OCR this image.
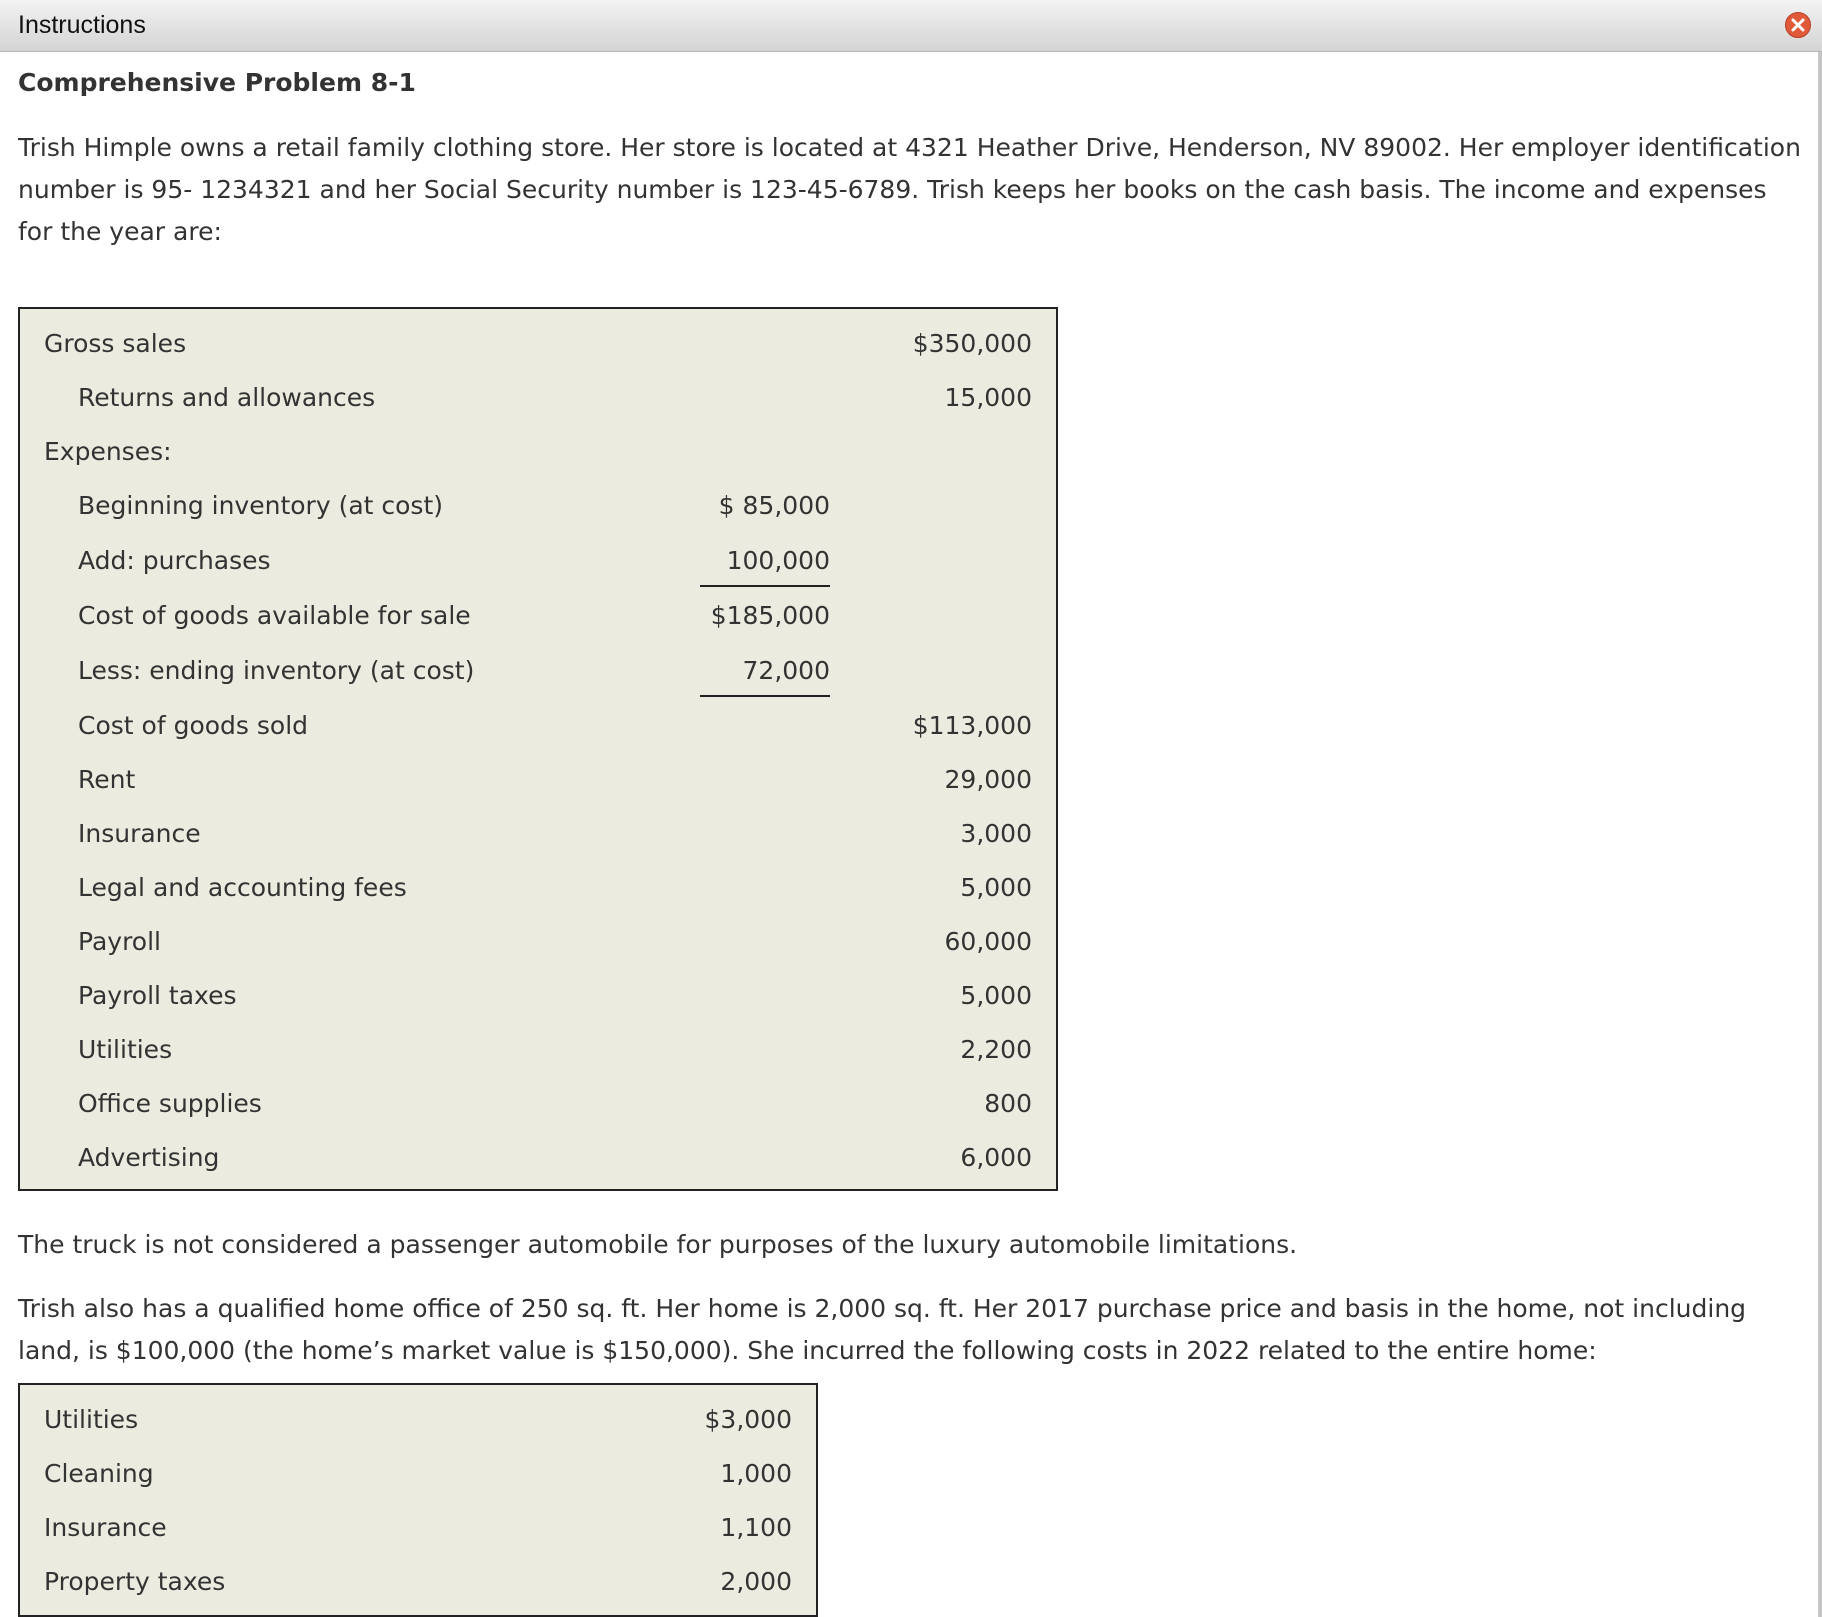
Instructions
Comprehensive Problem 8-1

Trish Himple owns a retail family clothing store. Her store is located at 4321 Heather Drive, Henderson, NV 89002. Her employer identification number is 95- 1234321 and her Social Security number is 123-45-6789. Trish keeps her books on the cash basis. The income and expenses for the year are:

Gross sales	$350,000
Returns and allowances	15,000
Expenses:
Beginning inventory (at cost)	$ 85,000
Add: purchases	100,000
Cost of goods available for sale	$185,000
Less: ending inventory (at cost)	72,000
Cost of goods sold	$113,000
Rent	29,000
Insurance	3,000
Legal and accounting fees	5,000
Payroll	60,000
Payroll taxes	5,000
Utilities	2,200
Office supplies	800
Advertising	6,000

The truck is not considered a passenger automobile for purposes of the luxury automobile limitations.

Trish also has a qualified home office of 250 sq. ft. Her home is 2,000 sq. ft. Her 2017 purchase price and basis in the home, not including land, is $100,000 (the home’s market value is $150,000). She incurred the following costs in 2022 related to the entire home:

Utilities	$3,000
Cleaning	1,000
Insurance	1,100
Property taxes	2,000
